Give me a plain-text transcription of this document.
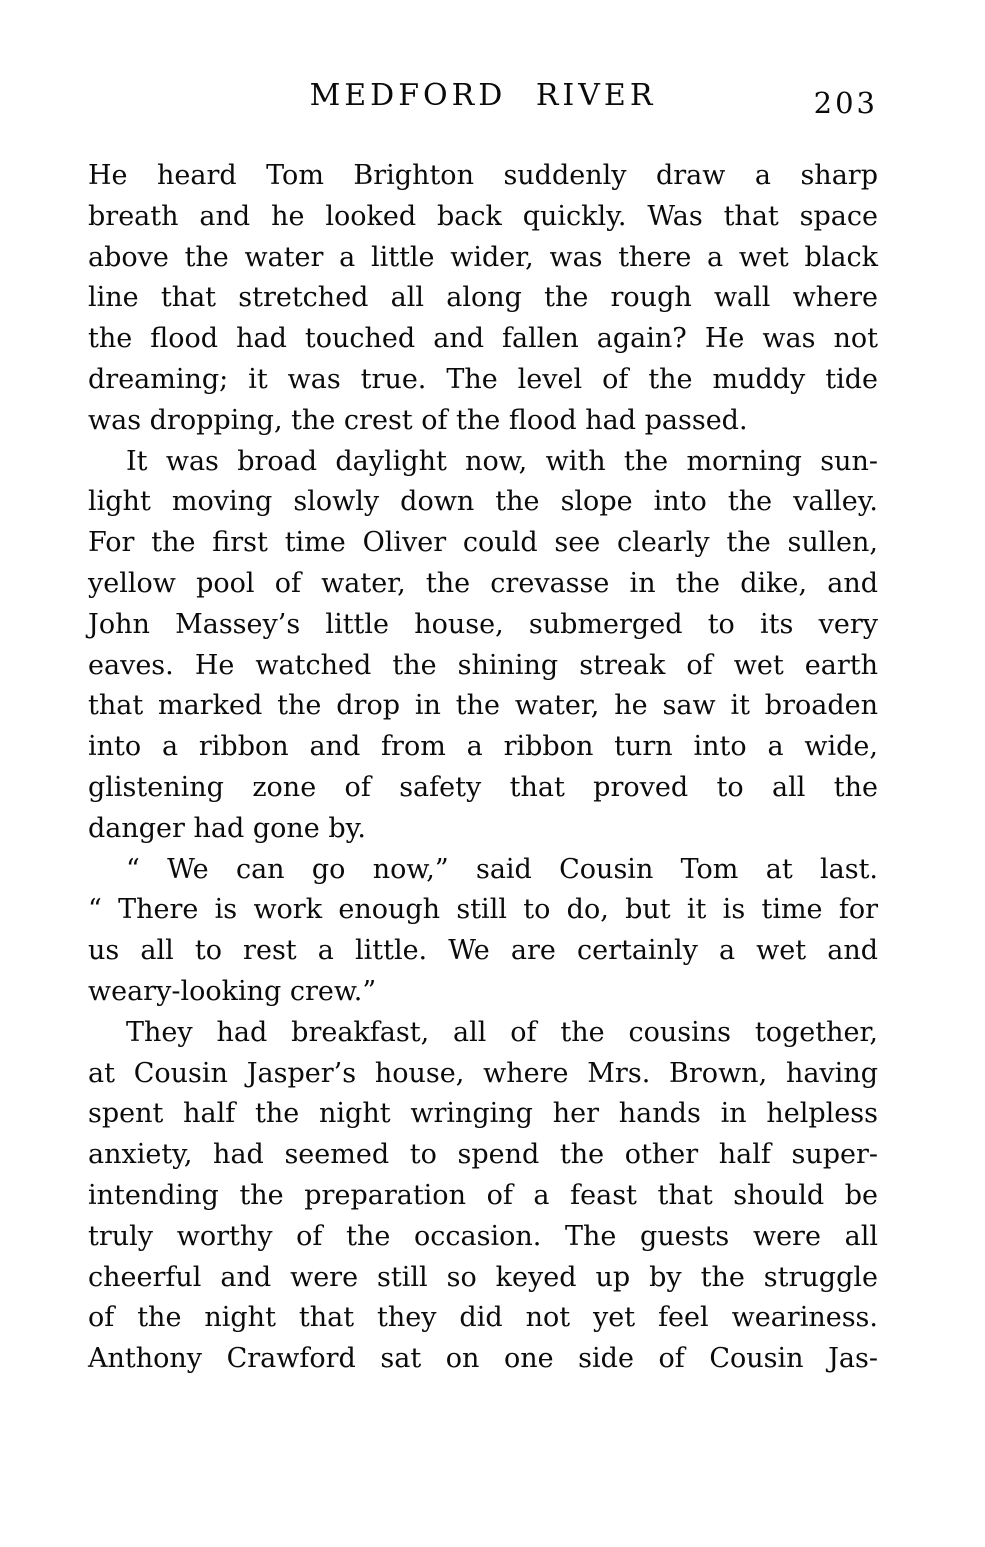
MEDFORD RIVER	203
He heard Tom Brighton suddenly draw a sharp
breath and he looked back quickly. Was that space
above the water a little wider, was there a wet black
line that stretched all along the rough wall where
the flood had touched and fallen again? He was not
dreaming; it was true. The level of the muddy tide
was dropping, the crest of the flood had passed.
It was broad daylight now, with the morning sun-
light moving slowly down the slope into the valley.
For the first time Oliver could see clearly the sullen,
yellow pool of water, the crevasse in the dike, and
John Massey’s little house, submerged to its very
eaves. He watched the shining streak of wet earth
that marked the drop in the water, he saw it broaden
into a ribbon and from a ribbon turn into a wide,
glistening zone of safety that proved to all the
danger had gone by.
“ We can go now,” said Cousin Tom at last.
“ There is work enough still to do, but it is time for
us all to rest a little. We are certainly a wet and
weary-looking crew.”
They had breakfast, all of the cousins together,
at Cousin Jasper’s house, where Mrs. Brown, having
spent half the night wringing her hands in helpless
anxiety, had seemed to spend the other half super-
intending the preparation of a feast that should be
truly worthy of the occasion. The guests were all
cheerful and were still so keyed up by the struggle
of the night that they did not yet feel weariness.
Anthony Crawford sat on one side of Cousin Jas-
